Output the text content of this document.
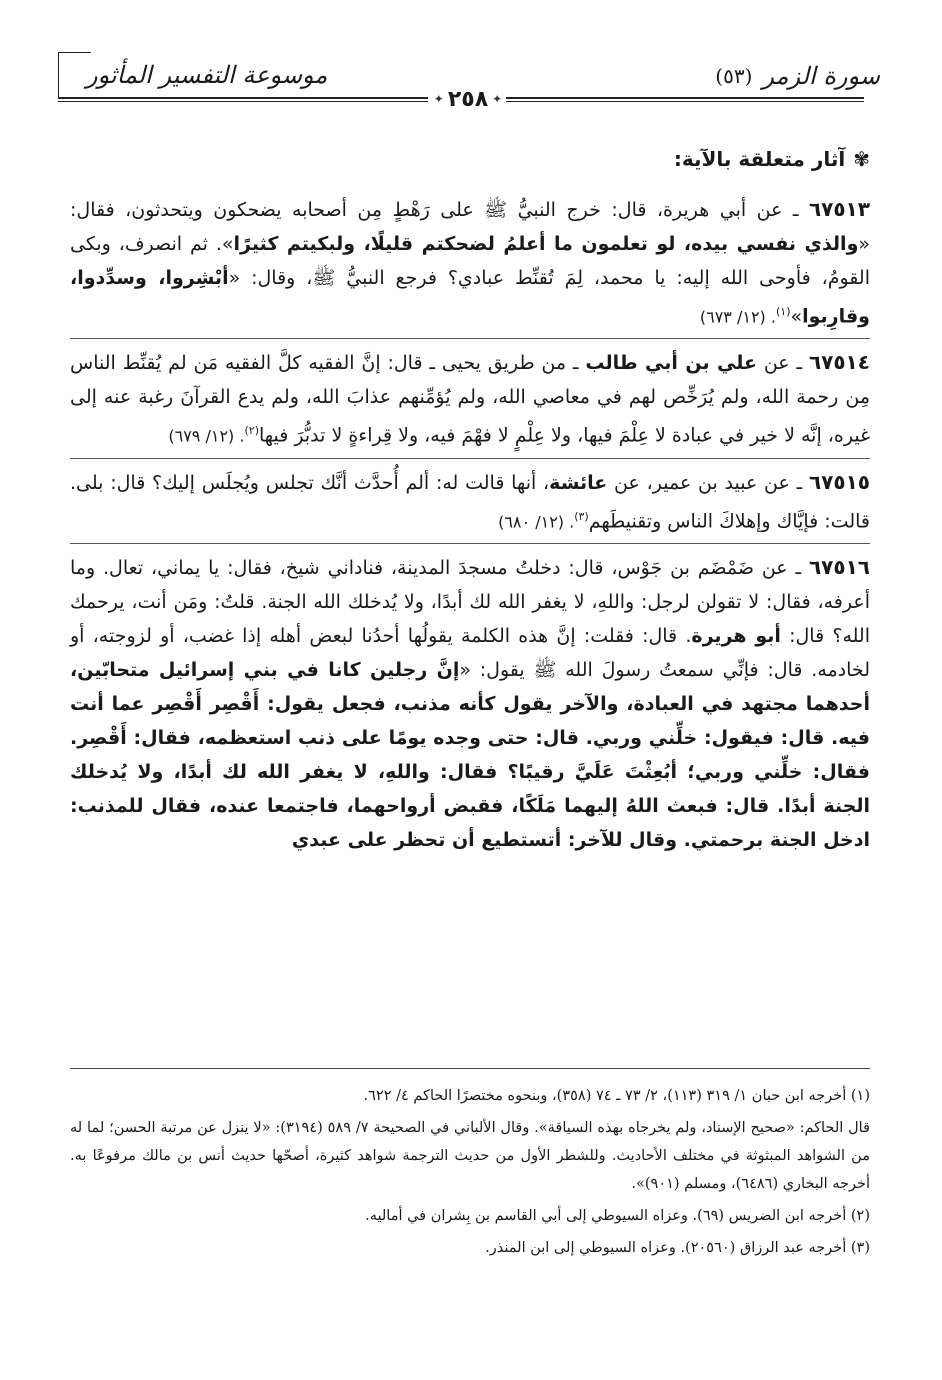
موسوعة التفسير المأثور	سورة الزمر
(٥٣)
✦ ٢٥٨ ✦
✾آثار متعلقة بالآية:

٦٧٥١٣ ـ عن أبي هريرة، قال: خرج النبيُّ ﷺ على رَهْطٍ مِن أصحابه يضحكون ويتحدثون، فقال: «والذي نفسي بيده، لو تعلمون ما أعلمُ لضحكتم قليلًا، ولبكيتم كثيرًا». ثم انصرف، وبكى القومُ، فأوحى الله إليه: يا محمد، لِمَ تُقنِّط عبادي؟ فرجع النبيُّ ﷺ، وقال: «أبْشِروا، وسدِّدوا، وقارِبوا»$^{(١)}$. (١٢/ ٦٧٣)

٦٧٥١٤ ـ عن علي بن أبي طالب ـ من طريق يحيى ـ قال: إنَّ الفقيه كلَّ الفقيه مَن لم يُقنِّط الناس مِن رحمة الله، ولم يُرَخِّص لهم في معاصي الله، ولم يُؤمِّنهم عذابَ الله، ولم يدع القرآنَ رغبة عنه إلى غيره، إنَّه لا خير في عبادة لا عِلْمَ فيها، ولا عِلْمٍ لا فهْمَ فيه، ولا قِراءةٍ لا تدبُّرَ فيها$^{(٢)}$. (١٢/ ٦٧٩)

٦٧٥١٥ ـ عن عبيد بن عمير، عن عائشة، أنها قالت له: ألم أُحدَّث أنَّك تجلس ويُجلَس إليك؟ قال: بلى. قالت: فإيَّاك وإهلاكَ الناس وتقنيطَهم$^{(٣)}$. (١٢/ ٦٨٠)

٦٧٥١٦ ـ عن ضَمْضَم بن جَوْس، قال: دخلتُ مسجدَ المدينة، فناداني شيخ، فقال: يا يماني، تعال. وما أعرفه، فقال: لا تقولن لرجل: واللهِ، لا يغفر الله لك أبدًا، ولا يُدخلك الله الجنة. قلتُ: ومَن أنت، يرحمك الله؟ قال: أبو هريرة. قال: فقلت: إنَّ هذه الكلمة يقولُها أحدُنا لبعض أهله إذا غضب، أو لزوجته، أو لخادمه. قال: فإنِّي سمعتُ رسولَ الله ﷺ يقول: «إنَّ رجلين كانا في بني إسرائيل متحابّين، أحدهما مجتهد في العبادة، والآخر يقول كأنه مذنب، فجعل يقول: أَقْصِر أَقْصِر عما أنت فيه. قال: فيقول: خلِّني وربي. قال: حتى وجده يومًا على ذنب استعظمه، فقال: أَقْصِر. فقال: خلِّني وربي؛ أبُعِثْتَ عَلَيَّ رقيبًا؟ فقال: واللهِ، لا يغفر الله لك أبدًا، ولا يُدخلك الجنة أبدًا. قال: فبعث اللهُ إليهما مَلَكًا، فقبض أرواحهما، فاجتمعا عنده، فقال للمذنب: ادخل الجنة برحمتي. وقال للآخر: أتستطيع أن تحظر على عبدي

(١) أخرجه ابن حبان ١/ ٣١٩ (١١٣)، ٢/ ٧٣ ـ ٧٤ (٣٥٨)، وبنحوه مختصرًا الحاكم ٤/ ٦٢٢.

قال الحاكم: «صحيح الإسناد، ولم يخرجاه بهذه السياقة». وقال الألباني في الصحيحة ٧/ ٥٨٩ (٣١٩٤): «لا ينزل عن مرتبة الحسن؛ لما له من الشواهد المبثوثة في مختلف الأحاديث. وللشطر الأول من حديث الترجمة شواهد كثيرة، أصحّها حديث أنس بن مالك مرفوعًا به. أخرجه البخاري (٦٤٨٦)، ومسلم (٩٠١)».

(٢) أخرجه ابن الضريس (٦٩). وعزاه السيوطي إلى أبي القاسم بن بِشران في أماليه.

(٣) أخرجه عبد الرزاق (٢٠٥٦٠). وعزاه السيوطي إلى ابن المنذر.
